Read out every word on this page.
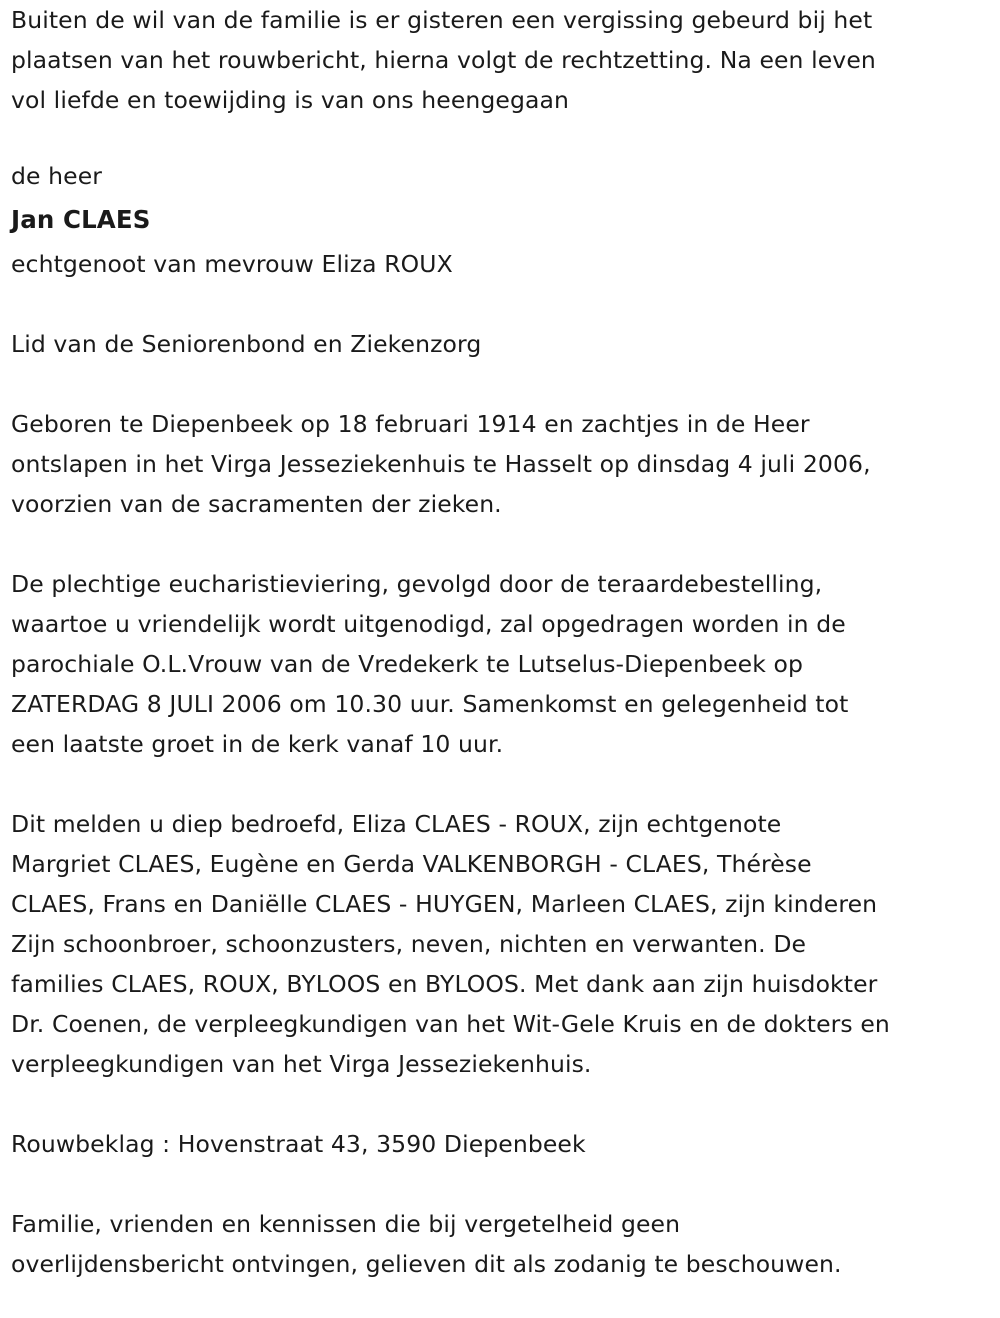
Buiten de wil van de familie is er gisteren een vergissing gebeurd bij het
plaatsen van het rouwbericht, hierna volgt de rechtzetting. Na een leven
vol liefde en toewijding is van ons heengegaan
de heer
Jan CLAES
echtgenoot van mevrouw Eliza ROUX
Lid van de Seniorenbond en Ziekenzorg
Geboren te Diepenbeek op 18 februari 1914 en zachtjes in de Heer
ontslapen in het Virga Jesseziekenhuis te Hasselt op dinsdag 4 juli 2006,
voorzien van de sacramenten der zieken.
De plechtige eucharistieviering, gevolgd door de teraardebestelling,
waartoe u vriendelijk wordt uitgenodigd, zal opgedragen worden in de
parochiale O.L.Vrouw van de Vredekerk te Lutselus-Diepenbeek op
ZATERDAG 8 JULI 2006 om 10.30 uur. Samenkomst en gelegenheid tot
een laatste groet in de kerk vanaf 10 uur.
Dit melden u diep bedroefd, Eliza CLAES - ROUX, zijn echtgenote
Margriet CLAES, Eugène en Gerda VALKENBORGH - CLAES, Thérèse
CLAES, Frans en Daniëlle CLAES - HUYGEN, Marleen CLAES, zijn kinderen
Zijn schoonbroer, schoonzusters, neven, nichten en verwanten. De
families CLAES, ROUX, BYLOOS en BYLOOS. Met dank aan zijn huisdokter
Dr. Coenen, de verpleegkundigen van het Wit-Gele Kruis en de dokters en
verpleegkundigen van het Virga Jesseziekenhuis.
Rouwbeklag : Hovenstraat 43, 3590 Diepenbeek
Familie, vrienden en kennissen die bij vergetelheid geen
overlijdensbericht ontvingen, gelieven dit als zodanig te beschouwen.
